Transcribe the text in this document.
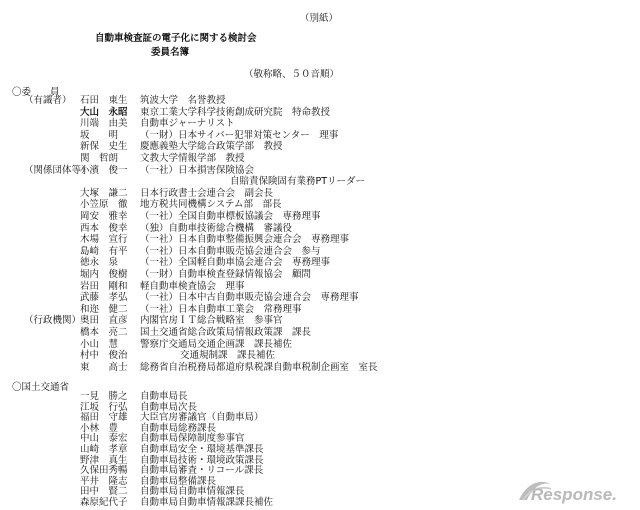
（別紙）
自動車検査証の電子化に関する検討会
委員名簿
（敬称略、５０音順）
〇委　　員
（有識者） 石田　東生 筑波大学　名誉教授
大山　永昭 東京工業大学科学技術創成研究院　特命教授
川端　由美 自動車ジャーナリスト
坂　　明 （一財）日本サイバー犯罪対策センター　理事
新保　史生 慶應義塾大学総合政策学部　教授
関　哲朗 文教大学情報学部　教授
（関係団体等）
小濱　俊一 （一社）日本損害保険協会
自賠責保険固有業務PTリーダー
大塚　謙二 日本行政書士会連合会　副会長
小笠原　徹 地方税共同機構システム部　部長
岡安　雅幸 （一社）全国自動車標板協議会　専務理事
西本　俊幸 （独）自動車技術総合機構　審議役
木場　宣行 （一社）日本自動車整備振興会連合会　専務理事
島崎　有平 （一社）日本自動車販売協会連合会　参与
徳永　泉 （一社）全国軽自動車協会連合会　専務理事
堀内　俊樹 （一財）自動車検査登録情報協会　顧問
岩田　剛和 軽自動車検査協会　理事
武藤　孝弘 （一社）日本中古自動車販売協会連合会　専務理事
和迩　健二 （一社）日本自動車工業会　常務理事
（行政機関）
奥田　直彦 内閣官房ＩＴ総合戦略室　参事官
橋本　亮二 国土交通省総合政策局情報政策課　課長
小山　慧 警察庁交通局交通企画課　課長補佐
村中　俊治	交通規制課　課長補佐
東　　高士 総務省自治税務局都道府県税課自動車税制企画室　室長
〇国土交通省
一見　勝之 自動車局長
江坂　行弘 自動車局次長
福田　守雄 大臣官房審議官（自動車局）
小林　豊 自動車局総務課長
中山　泰宏 自動車局保障制度参事官
山崎　孝章 自動車局安全・環境基準課長
野津　真生 自動車局技術・環境政策課長
久保田秀暢 自動車局審査・リコール課長
平井　隆志 自動車局整備課長
田中　賢二 自動車局自動車情報課長
森原紀代子 自動車局自動車情報課課長補佐	Response.
